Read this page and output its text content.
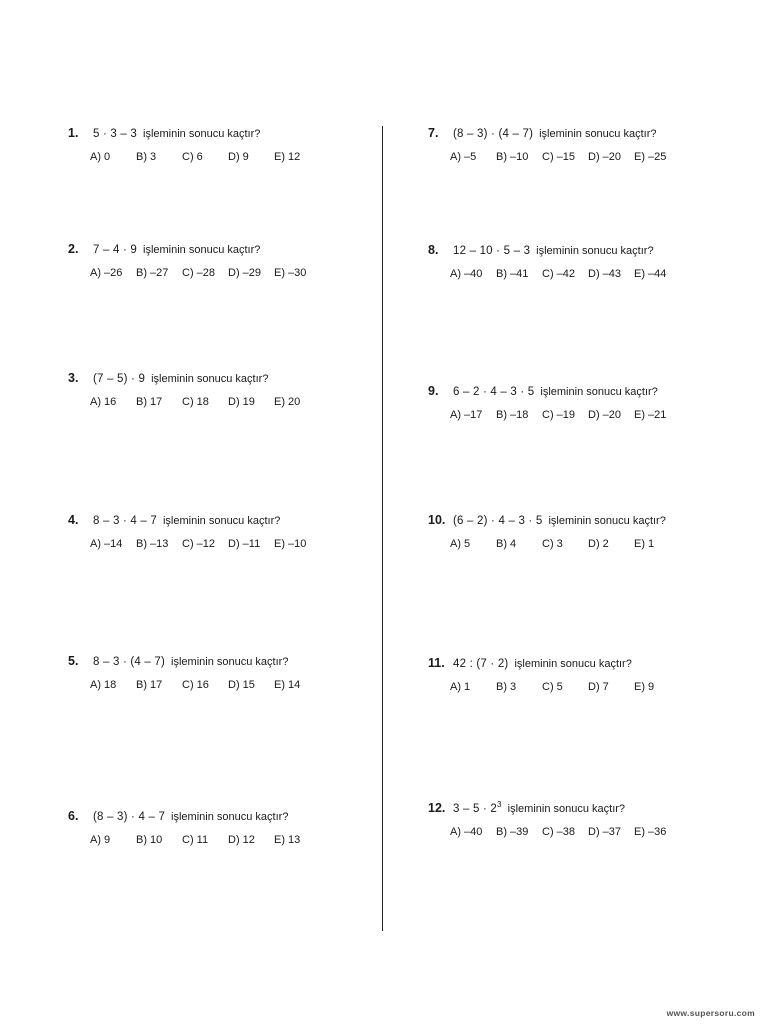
1.	5 · 3 – 3 işleminin sonucu kaçtır?
A) 0	B) 3	C) 6	D) 9	E) 12
2.	7 – 4 · 9 işleminin sonucu kaçtır?
A) –26	B) –27	C) –28	D) –29	E) –30
3.	(7 – 5) · 9 işleminin sonucu kaçtır?
A) 16	B) 17	C) 18	D) 19	E) 20
4.	8 – 3 · 4 – 7 işleminin sonucu kaçtır?
A) –14	B) –13	C) –12	D) –11	E) –10
5.	8 – 3 · (4 – 7) işleminin sonucu kaçtır?
A) 18	B) 17	C) 16	D) 15	E) 14
6.	(8 – 3) · 4 – 7 işleminin sonucu kaçtır?
A) 9	B) 10	C) 11	D) 12	E) 13
7.	(8 – 3) · (4 – 7) işleminin sonucu kaçtır?
A) –5	B) –10	C) –15	D) –20	E) –25
8.	12 – 10 · 5 – 3 işleminin sonucu kaçtır?
A) –40	B) –41	C) –42	D) –43	E) –44
9.	6 – 2 · 4 – 3 · 5 işleminin sonucu kaçtır?
A) –17	B) –18	C) –19	D) –20	E) –21
10. (6 – 2) · 4 – 3 · 5 işleminin sonucu kaçtır?
A) 5	B) 4	C) 3	D) 2	E) 1
11. 42 : (7 · 2) işleminin sonucu kaçtır?
A) 1	B) 3	C) 5	D) 7	E) 9
12. $3 - 5 \cdot 2^3$ işleminin sonucu kaçtır?
A) –40	B) –39	C) –38	D) –37	E) –36
www.supersoru.com
